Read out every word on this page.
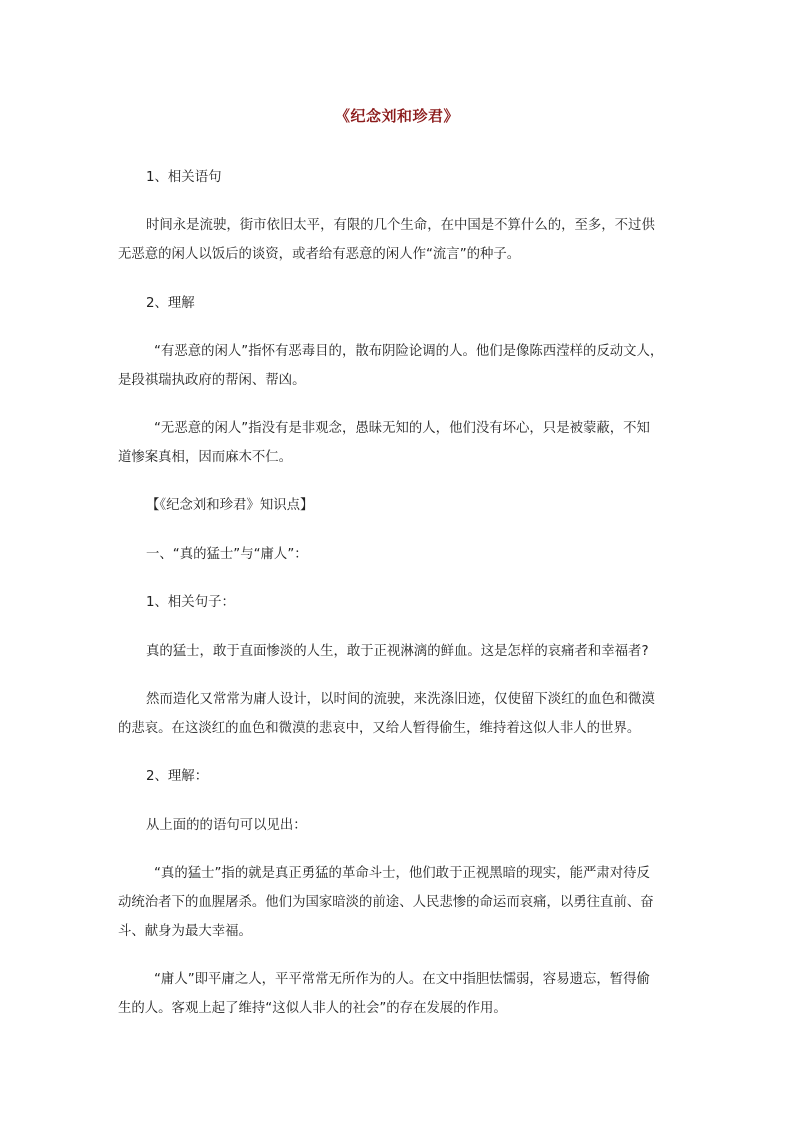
《纪念刘和珍君》
1、相关语句
时间永是流驶，街市依旧太平，有限的几个生命，在中国是不算什么的，至多，不过供
无恶意的闲人以饭后的谈资，或者给有恶意的闲人作“流言”的种子。
2、理解
“有恶意的闲人”指怀有恶毒目的，散布阴险论调的人。他们是像陈西滢样的反动文人，
是段祺瑞执政府的帮闲、帮凶。
“无恶意的闲人”指没有是非观念，愚昧无知的人，他们没有坏心，只是被蒙蔽，不知
道惨案真相，因而麻木不仁。
【《纪念刘和珍君》知识点】
一、“真的猛士”与“庸人”：
1、相关句子：
真的猛士，敢于直面惨淡的人生，敢于正视淋漓的鲜血。这是怎样的哀痛者和幸福者?
然而造化又常常为庸人设计，以时间的流驶，来洗涤旧迹，仅使留下淡红的血色和微漠
的悲哀。在这淡红的血色和微漠的悲哀中，又给人暂得偷生，维持着这似人非人的世界。
2、理解：
从上面的的语句可以见出：
“真的猛士”指的就是真正勇猛的革命斗士，他们敢于正视黑暗的现实，能严肃对待反
动统治者下的血腥屠杀。他们为国家暗淡的前途、人民悲惨的命运而哀痛，以勇往直前、奋
斗、献身为最大幸福。
“庸人”即平庸之人，平平常常无所作为的人。在文中指胆怯懦弱，容易遗忘，暂得偷
生的人。客观上起了维持“这似人非人的社会”的存在发展的作用。
